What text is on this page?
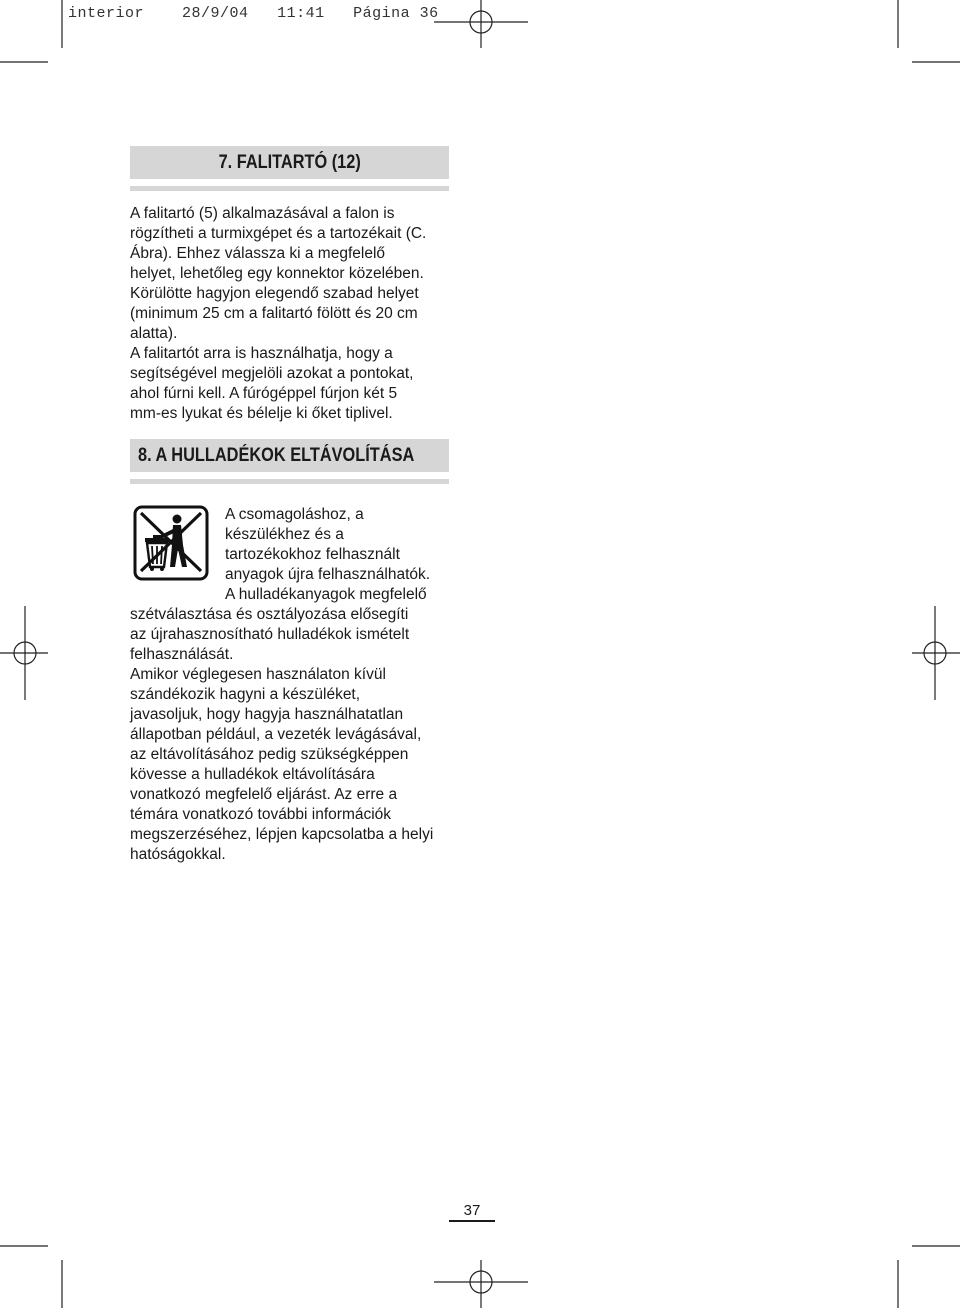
interior	28/9/04 11:41 Página 36
7. FALITARTÓ (12)

A falitartó (5) alkalmazásával a falon is

rögzítheti a turmixgépet és a tartozékait (C.

Ábra). Ehhez válassza ki a megfelelő

helyet, lehetőleg egy konnektor közelében.

Körülötte hagyjon elegendő szabad helyet

(minimum 25 cm a falitartó fölött és 20 cm

alatta).

A falitartót arra is használhatja, hogy a

segítségével megjelöli azokat a pontokat,

ahol fúrni kell. A fúrógéppel fúrjon két 5

mm-es lyukat és bélelje ki őket tiplivel.

8. A HULLADÉKOK ELTÁVOLÍTÁSA

A csomagoláshoz, a

készülékhez és a

tartozékokhoz felhasznált

anyagok újra felhasználhatók.

A hulladékanyagok megfelelő

szétválasztása és osztályozása elősegíti

az újrahasznosítható hulladékok ismételt

felhasználását.

Amikor véglegesen használaton kívül

szándékozik hagyni a készüléket,

javasoljuk, hogy hagyja használhatatlan

állapotban például, a vezeték levágásával,

az eltávolításához pedig szükségképpen

kövesse a hulladékok eltávolítására

vonatkozó megfelelő eljárást. Az erre a

témára vonatkozó további információk

megszerzéséhez, lépjen kapcsolatba a helyi

hatóságokkal.

37
